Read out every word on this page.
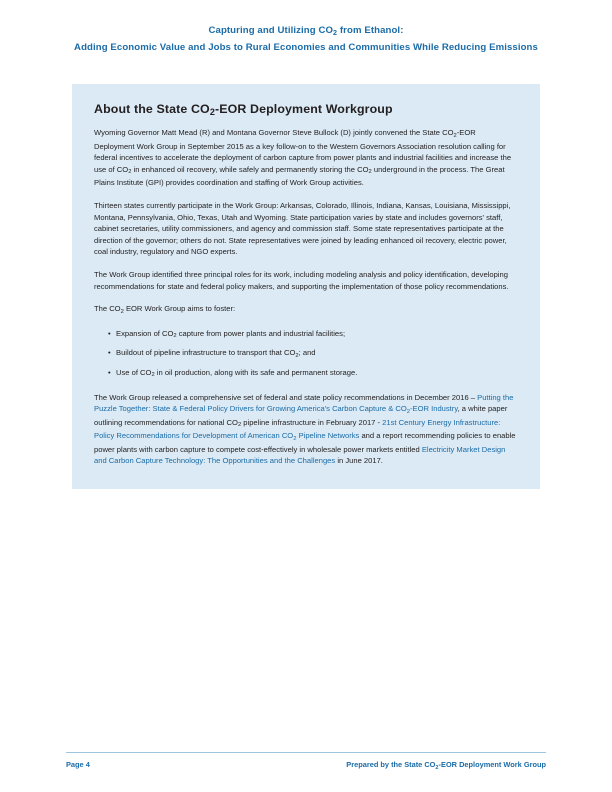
Capturing and Utilizing $CO_2$ from Ethanol:
Adding Economic Value and Jobs to Rural Economies and Communities While Reducing Emissions
About the State $CO_2$-EOR Deployment Workgroup

Wyoming Governor Matt Mead (R) and Montana Governor Steve Bullock (D) jointly convened the State $CO_2$-EOR Deployment Work Group in September 2015 as a key follow-on to the Western Governors Association resolution calling for federal incentives to accelerate the deployment of carbon capture from power plants and industrial facilities and increase the use of $CO_2$ in enhanced oil recovery, while safely and permanently storing the $CO_2$ underground in the process. The Great Plains Institute (GPI) provides coordination and staffing of Work Group activities.

Thirteen states currently participate in the Work Group: Arkansas, Colorado, Illinois, Indiana, Kansas, Louisiana, Mississippi, Montana, Pennsylvania, Ohio, Texas, Utah and Wyoming. State participation varies by state and includes governors' staff, cabinet secretaries, utility commissioners, and agency and commission staff. Some state representatives participate at the direction of the governor; others do not. State representatives were joined by leading enhanced oil recovery, electric power, coal industry, regulatory and NGO experts.

The Work Group identified three principal roles for its work, including modeling analysis and policy identification, developing recommendations for state and federal policy makers, and supporting the implementation of those policy recommendations.

The $CO_2$ EOR Work Group aims to foster:

• Expansion of $CO_2$ capture from power plants and industrial facilities;
• Buildout of pipeline infrastructure to transport that $CO_2$; and
• Use of $CO_2$ in oil production, along with its safe and permanent storage.

The Work Group released a comprehensive set of federal and state policy recommendations in December 2016 – Putting the Puzzle Together: State & Federal Policy Drivers for Growing America's Carbon Capture & $CO_2$-EOR Industry, a white paper outlining recommendations for national $CO_2$ pipeline infrastructure in February 2017 - 21st Century Energy Infrastructure: Policy Recommendations for Development of American $CO_2$ Pipeline Networks and a report recommending policies to enable power plants with carbon capture to compete cost-effectively in wholesale power markets entitled Electricity Market Design and Carbon Capture Technology: The Opportunities and the Challenges in June 2017.

Page 4	Prepared by the State $CO_2$-EOR Deployment Work Group
